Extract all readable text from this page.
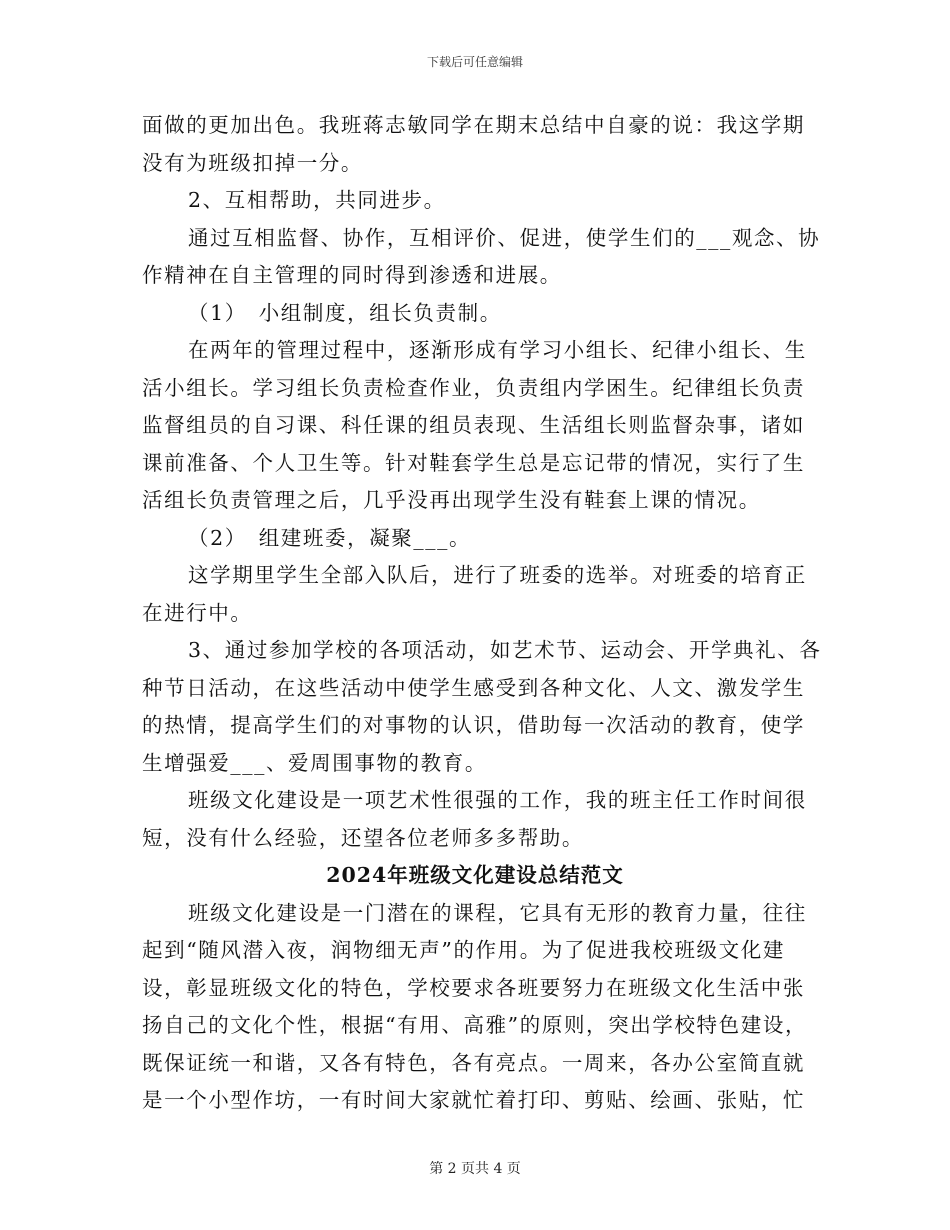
下载后可任意编辑

面做的更加出色。我班蒋志敏同学在期末总结中自豪的说：我这学期

没有为班级扣掉一分。

2、互相帮助，共同进步。

通过互相监督、协作，互相评价、促进，使学生们的___观念、协

作精神在自主管理的同时得到渗透和进展。

（1）　小组制度，组长负责制。

在两年的管理过程中，逐渐形成有学习小组长、纪律小组长、生

活小组长。学习组长负责检查作业，负责组内学困生。纪律组长负责

监督组员的自习课、科任课的组员表现、生活组长则监督杂事，诸如

课前准备、个人卫生等。针对鞋套学生总是忘记带的情况，实行了生

活组长负责管理之后，几乎没再出现学生没有鞋套上课的情况。

（2）　组建班委，凝聚___。

这学期里学生全部入队后，进行了班委的选举。对班委的培育正

在进行中。

3、通过参加学校的各项活动，如艺术节、运动会、开学典礼、各

种节日活动，在这些活动中使学生感受到各种文化、人文、激发学生

的热情，提高学生们的对事物的认识，借助每一次活动的教育，使学

生增强爱___、爱周围事物的教育。

班级文化建设是一项艺术性很强的工作，我的班主任工作时间很

短，没有什么经验，还望各位老师多多帮助。

2024年班级文化建设总结范文

班级文化建设是一门潜在的课程，它具有无形的教育力量，往往

起到“随风潜入夜，润物细无声”的作用。为了促进我校班级文化建

设，彰显班级文化的特色，学校要求各班要努力在班级文化生活中张

扬自己的文化个性，根据“有用、高雅”的原则，突出学校特色建设，

既保证统一和谐，又各有特色，各有亮点。一周来，各办公室简直就

是一个小型作坊，一有时间大家就忙着打印、剪贴、绘画、张贴，忙

第 2 页共 4 页
